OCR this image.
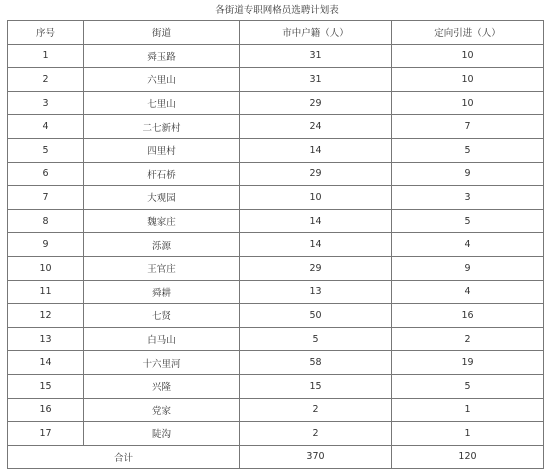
各街道专职网格员选聘计划表
序号	街道	市中户籍（人）	定向引进（人）
1	舜玉路	31	10
2	六里山	31	10
3	七里山	29	10
4	二七新村	24	7
5	四里村	14	5
6	杆石桥	29	9
7	大观园	10	3
8	魏家庄	14	5
9	泺源	14	4
10	王官庄	29	9
11	舜耕	13	4
12	七贤	50	16
13	白马山	5	2
14	十六里河	58	19
15	兴隆	15	5
16	党家	2	1
17	陡沟	2	1
合计		370	120
